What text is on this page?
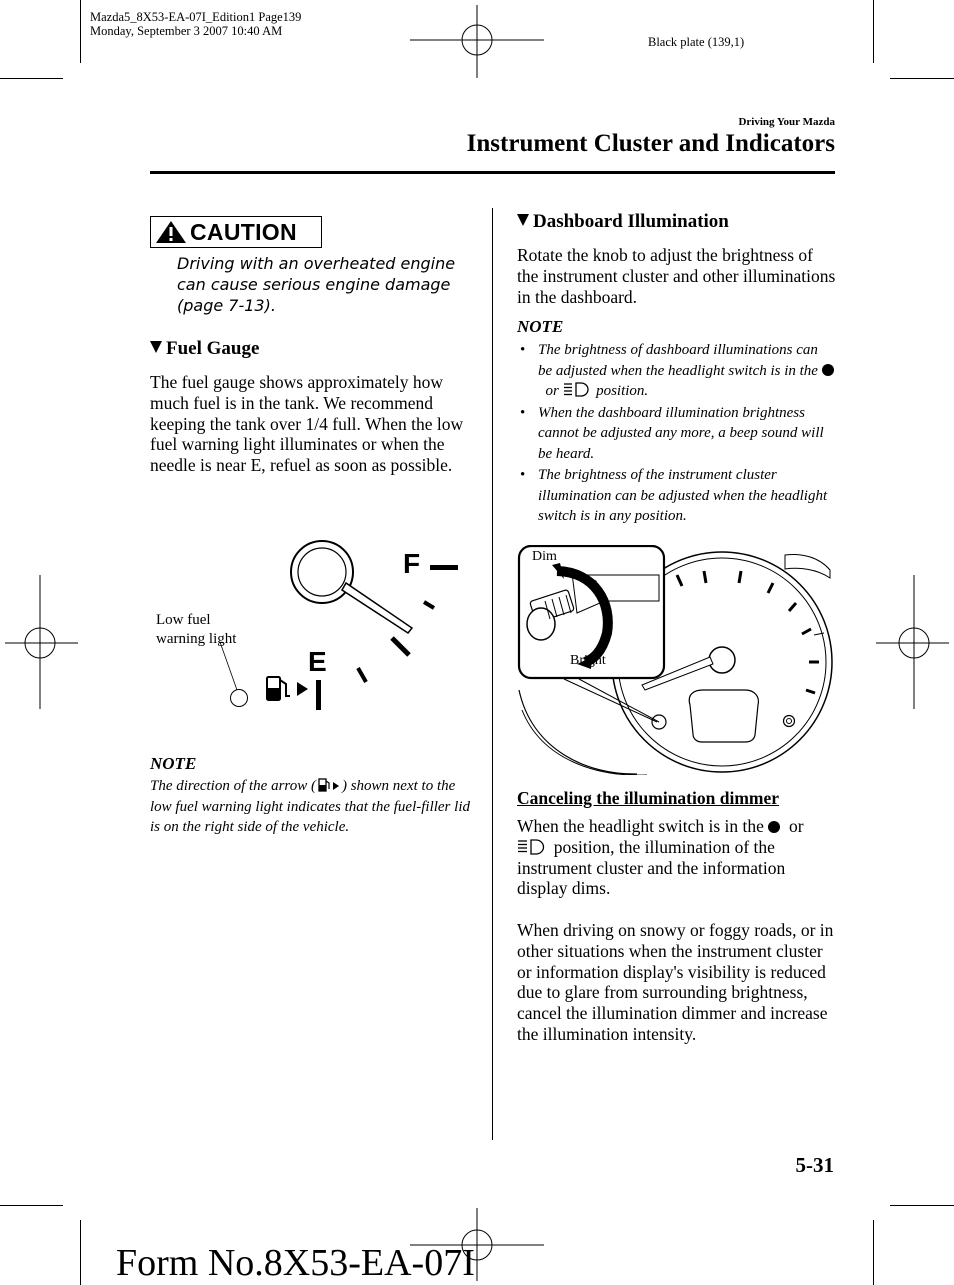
Mazda5_8X53-EA-07I_Edition1 Page139
Monday, September 3 2007 10:40 AM
Black plate (139,1)
Driving Your Mazda
Instrument Cluster and Indicators
CAUTION
Driving with an overheated engine can cause serious engine damage (page 7-13).
Fuel Gauge
The fuel gauge shows approximately how much fuel is in the tank. We recommend keeping the tank over 1/4 full. When the low fuel warning light illuminates or when the needle is near E, refuel as soon as possible.
F
E
Low fuel warning light
NOTE
The direction of the arrow ( ) shown next to the low fuel warning light indicates that the fuel-filler lid is on the right side of the vehicle.
Dashboard Illumination
Rotate the knob to adjust the brightness of the instrument cluster and other illuminations in the dashboard.
NOTE
• The brightness of dashboard illuminations can be adjusted when the headlight switch is in the   or position.
• When the dashboard illumination brightness cannot be adjusted any more, a beep sound will be heard.
• The brightness of the instrument cluster illumination can be adjusted when the headlight switch is in any position.
Dim
Bright
Canceling the illumination dimmer
When the headlight switch is in the or
position, the illumination of the instrument cluster and the information display dims.
When driving on snowy or foggy roads, or in other situations when the instrument cluster or information display's visibility is reduced due to glare from surrounding brightness, cancel the illumination dimmer and increase the illumination intensity.
5-31
Form No.8X53-EA-07I
